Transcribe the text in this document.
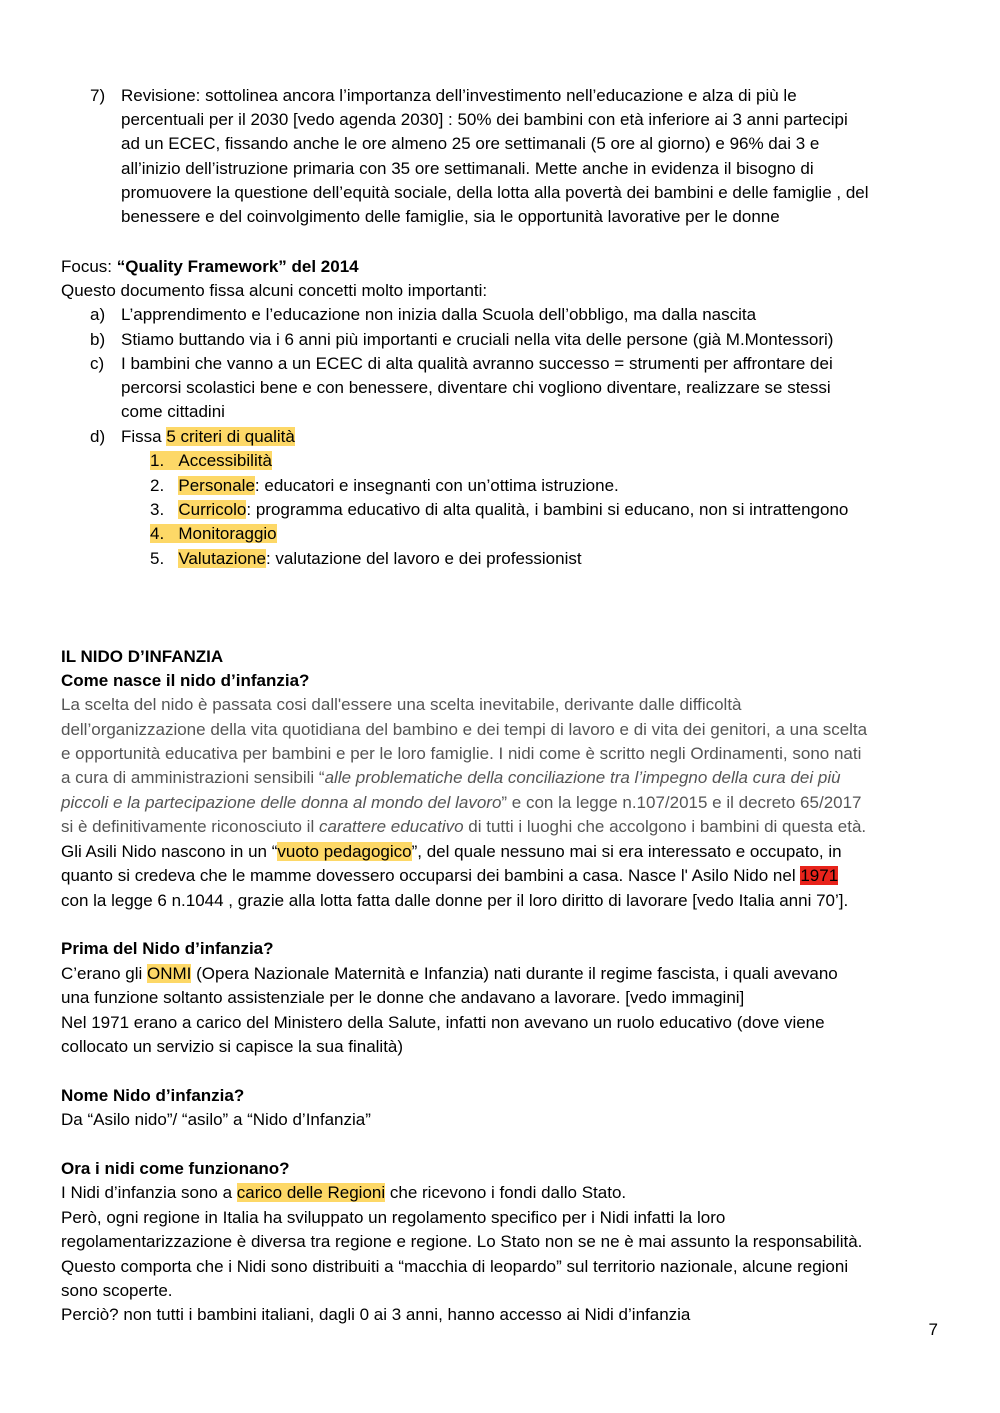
7) Revisione: sottolinea ancora l’importanza dell’investimento nell’educazione e alza di più le
percentuali per il 2030 [vedo agenda 2030] : 50% dei bambini con età inferiore ai 3 anni partecipi
ad un ECEC, fissando anche le ore almeno 25 ore settimanali (5 ore al giorno) e 96% dai 3 e
all’inizio dell’istruzione primaria con 35 ore settimanali. Mette anche in evidenza il bisogno di
promuovere la questione dell’equità sociale, della lotta alla povertà dei bambini e delle famiglie , del
benessere e del coinvolgimento delle famiglie, sia le opportunità lavorative per le donne
Focus: “Quality Framework” del 2014
Questo documento fissa alcuni concetti molto importanti:
a) L’apprendimento e l’educazione non inizia dalla Scuola dell’obbligo, ma dalla nascita
b) Stiamo buttando via i 6 anni più importanti e cruciali nella vita delle persone (già M.Montessori)
c) I bambini che vanno a un ECEC di alta qualità avranno successo = strumenti per affrontare dei
percorsi scolastici bene e con benessere, diventare chi vogliono diventare, realizzare se stessi
come cittadini
d) Fissa 5 criteri di qualità
1. Accessibilità
2. Personale: educatori e insegnanti con un’ottima istruzione.
3. Curricolo: programma educativo di alta qualità, i bambini si educano, non si intrattengono
4. Monitoraggio
5. Valutazione: valutazione del lavoro e dei professionist
IL NIDO D’INFANZIA
Come nasce il nido d’infanzia?
La scelta del nido è passata cosi dall'essere una scelta inevitabile, derivante dalle difficoltà
dell’organizzazione della vita quotidiana del bambino e dei tempi di lavoro e di vita dei genitori, a una scelta
e opportunità educativa per bambini e per le loro famiglie. I nidi come è scritto negli Ordinamenti, sono nati
a cura di amministrazioni sensibili “alle problematiche della conciliazione tra l’impegno della cura dei più
piccoli e la partecipazione delle donna al mondo del lavoro” e con la legge n.107/2015 e il decreto 65/2017
si è definitivamente riconosciuto il carattere educativo di tutti i luoghi che accolgono i bambini di questa età.
Gli Asili Nido nascono in un “vuoto pedagogico”, del quale nessuno mai si era interessato e occupato, in
quanto si credeva che le mamme dovessero occuparsi dei bambini a casa. Nasce l' Asilo Nido nel 1971
con la legge 6 n.1044 , grazie alla lotta fatta dalle donne per il loro diritto di lavorare [vedo Italia anni 70’].
Prima del Nido d’infanzia?
C’erano gli ONMI (Opera Nazionale Maternità e Infanzia) nati durante il regime fascista, i quali avevano
una funzione soltanto assistenziale per le donne che andavano a lavorare. [vedo immagini]
Nel 1971 erano a carico del Ministero della Salute, infatti non avevano un ruolo educativo (dove viene
collocato un servizio si capisce la sua finalità)
Nome Nido d’infanzia?
Da “Asilo nido”/ “asilo” a “Nido d’Infanzia”
Ora i nidi come funzionano?
I Nidi d’infanzia sono a carico delle Regioni che ricevono i fondi dallo Stato.
Però, ogni regione in Italia ha sviluppato un regolamento specifico per i Nidi infatti la loro
regolamentarizzazione è diversa tra regione e regione. Lo Stato non se ne è mai assunto la responsabilità.
Questo comporta che i Nidi sono distribuiti a “macchia di leopardo” sul territorio nazionale, alcune regioni
sono scoperte.
Perciò? non tutti i bambini italiani, dagli 0 ai 3 anni, hanno accesso ai Nidi d’infanzia
7
